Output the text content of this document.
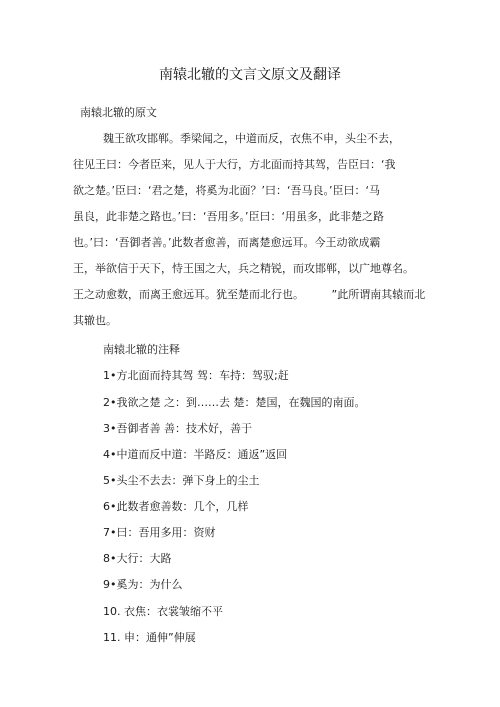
南辕北辙的文言文原文及翻译
南辕北辙的原文
魏王欲攻邯郸。季梁闻之，中道而反，衣焦不申，头尘不去，
往见王曰：今者臣来，见人于大行，方北面而持其驾，告臣曰：‘我
欲之楚。’臣曰：‘君之楚，将奚为北面？’曰：‘吾马良。’臣曰：‘马
虽良，此非楚之路也。’曰：‘吾用多。’臣曰：‘用虽多，此非楚之路
也。’曰：‘吾御者善。’此数者愈善，而离楚愈远耳。今王动欲成霸
王，举欲信于天下，恃王国之大，兵之精锐，而攻邯郸，以广地尊名。
王之动愈数，而离王愈远耳。犹至楚而北行也。　　　”此所谓南其辕而北
其辙也。
南辕北辙的注释
1•方北面而持其驾 驾：车持：驾驭;赶
2•我欲之楚 之：到……去 楚：楚国，在魏国的南面。
3•吾御者善 善：技术好，善于
4•中道而反中道：半路反：通返”返回
5•头尘不去去：弹下身上的尘土
6•此数者愈善数：几个，几样
7•曰：吾用多用：资财
8•大行：大路
9•奚为：为什么
10. 衣焦：衣裳皱缩不平
11. 申：通伸”伸展
